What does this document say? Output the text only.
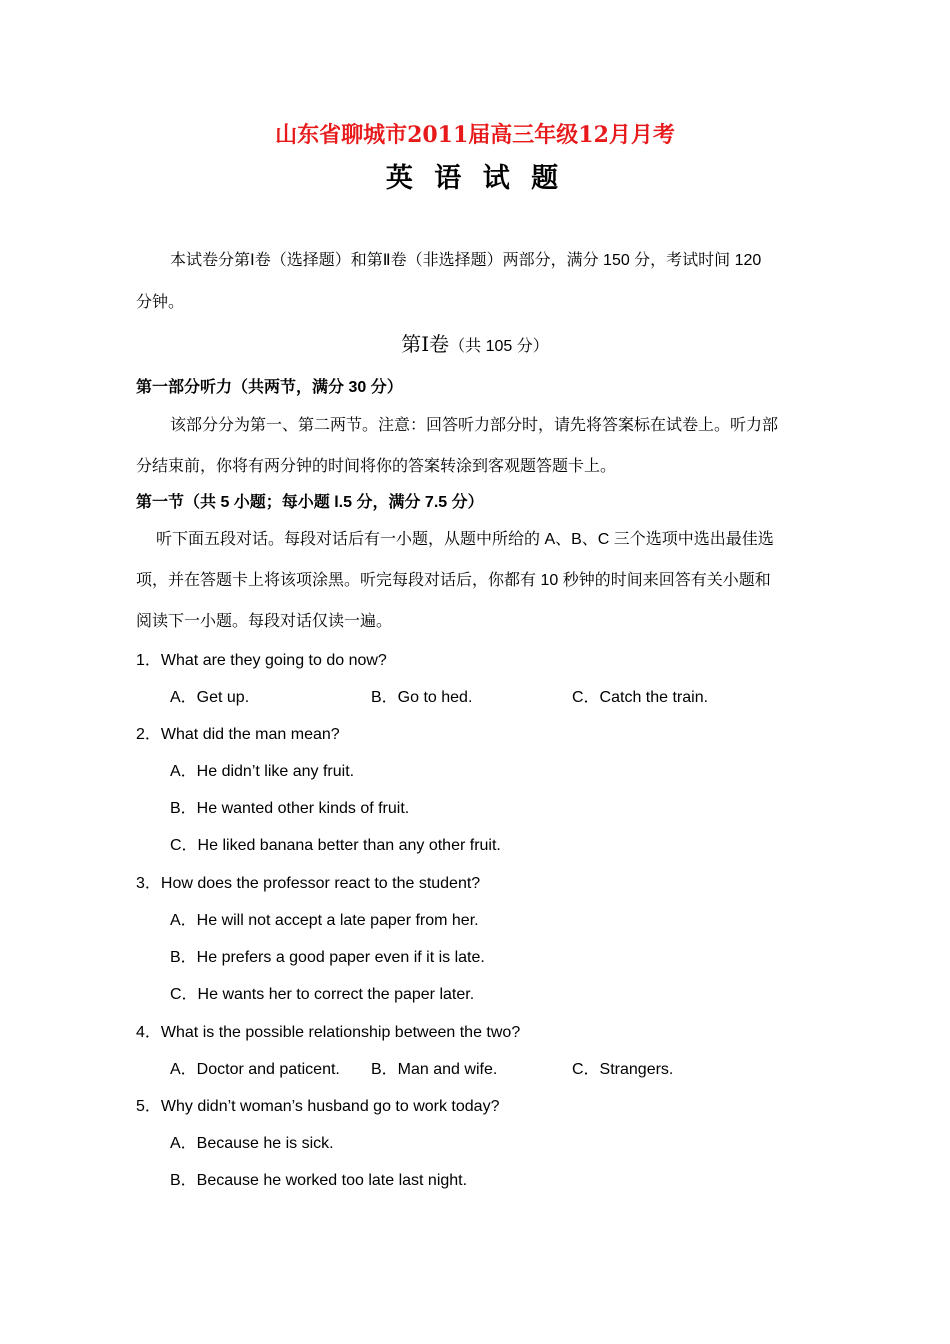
山东省聊城市2011届高三年级12月月考
英 语 试 题
本试卷分第Ⅰ卷（选择题）和第Ⅱ卷（非选择题）两部分，满分 150 分，考试时间 120
分钟。
第Ⅰ卷（共 105 分）
第一部分听力（共两节，满分 30 分）
该部分分为第一、第二两节。注意：回答听力部分时，请先将答案标在试卷上。听力部
分结束前，你将有两分钟的时间将你的答案转涂到客观题答题卡上。
第一节（共 5 小题；每小题 l.5 分，满分 7.5 分）
听下面五段对话。每段对话后有一小题，从题中所给的 A、B、C 三个选项中选出最佳选
项，并在答题卡上将该项涂黑。听完每段对话后，你都有 10 秒钟的时间来回答有关小题和
阅读下一小题。每段对话仅读一遍。
1．What are they going to do now?
A．Get up.	B．Go to hed.	C．Catch the train.
2．What did the man mean?
A．He didn’t like any fruit.
B．He wanted other kinds of fruit.
C．He liked banana better than any other fruit.
3．How does the professor react to the student?
A．He will not accept a late paper from her.
B．He prefers a good paper even if it is late.
C．He wants her to correct the paper later.
4．What is the possible relationship between the two?
A．Doctor and paticent. B．Man and wife.	C．Strangers.
5．Why didn’t woman’s husband go to work today?
A．Because he is sick.
B．Because he worked too late last night.
